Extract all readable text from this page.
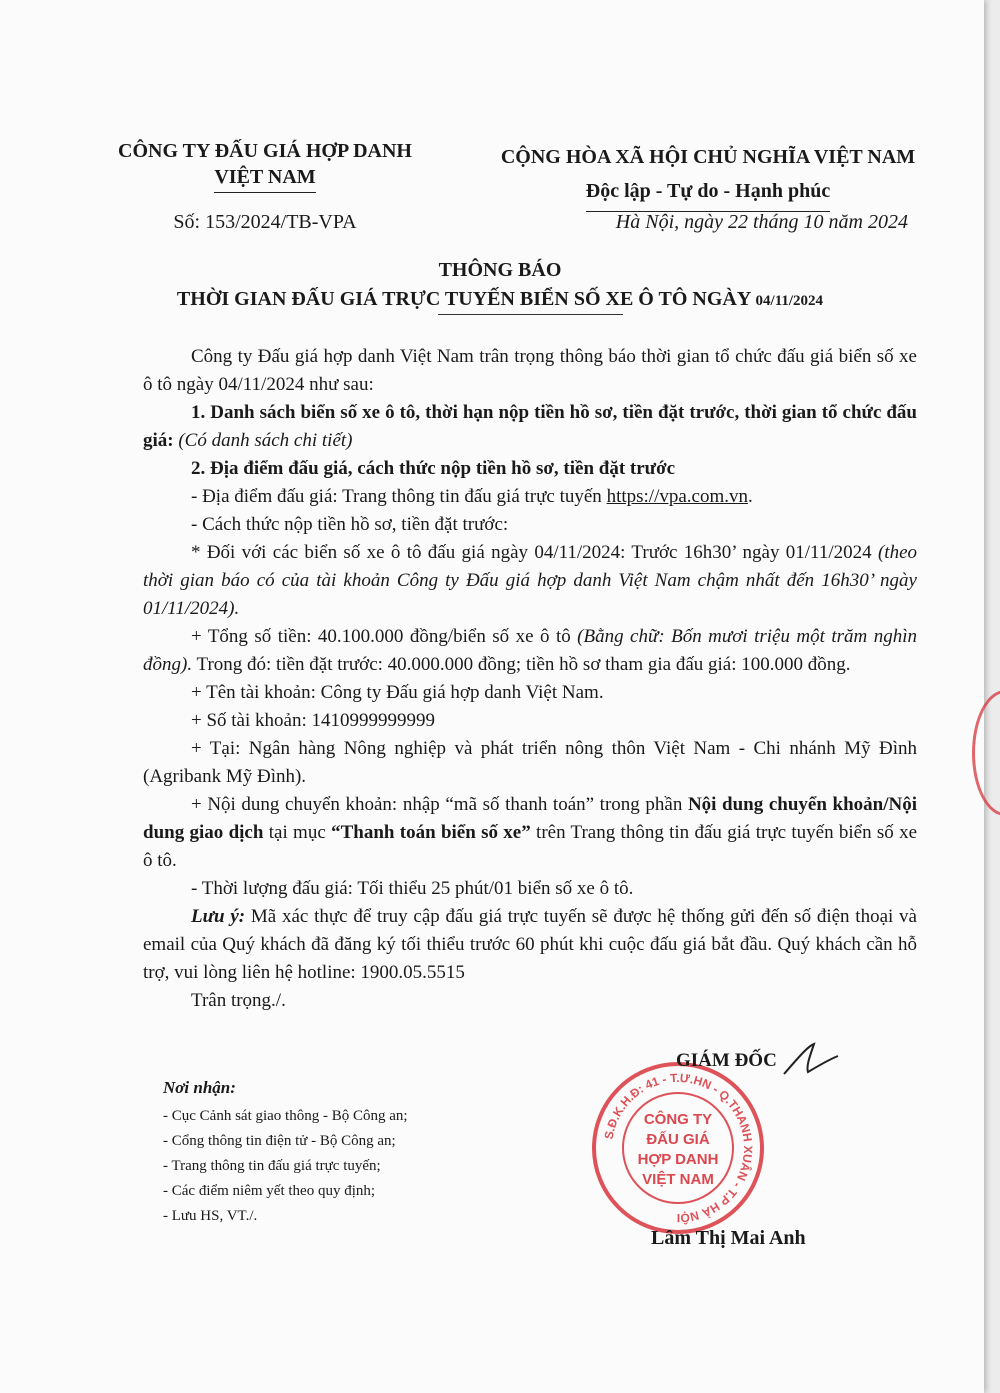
CÔNG TY ĐẤU GIÁ HỢP DANH
VIỆT NAM
Số: 153/2024/TB-VPA
CỘNG HÒA XÃ HỘI CHỦ NGHĨA VIỆT NAM
Độc lập - Tự do - Hạnh phúc
Hà Nội, ngày 22 tháng 10 năm 2024
THÔNG BÁO
THỜI GIAN ĐẤU GIÁ TRỰC TUYẾN BIỂN SỐ XE Ô TÔ NGÀY 04/11/2024

Công ty Đấu giá hợp danh Việt Nam trân trọng thông báo thời gian tổ chức đấu giá biển số xe ô tô ngày 04/11/2024 như sau:

1. Danh sách biển số xe ô tô, thời hạn nộp tiền hồ sơ, tiền đặt trước, thời gian tổ chức đấu giá: (Có danh sách chi tiết)

2. Địa điểm đấu giá, cách thức nộp tiền hồ sơ, tiền đặt trước

- Địa điểm đấu giá: Trang thông tin đấu giá trực tuyến https://vpa.com.vn.

- Cách thức nộp tiền hồ sơ, tiền đặt trước:

* Đối với các biển số xe ô tô đấu giá ngày 04/11/2024: Trước 16h30’ ngày 01/11/2024 (theo thời gian báo có của tài khoản Công ty Đấu giá hợp danh Việt Nam chậm nhất đến 16h30’ ngày 01/11/2024).

+ Tổng số tiền: 40.100.000 đồng/biển số xe ô tô (Bằng chữ: Bốn mươi triệu một trăm nghìn đồng). Trong đó: tiền đặt trước: 40.000.000 đồng; tiền hồ sơ tham gia đấu giá: 100.000 đồng.

+ Tên tài khoản: Công ty Đấu giá hợp danh Việt Nam.

+ Số tài khoản: 1410999999999

+ Tại: Ngân hàng Nông nghiệp và phát triển nông thôn Việt Nam - Chi nhánh Mỹ Đình (Agribank Mỹ Đình).

+ Nội dung chuyển khoản: nhập “mã số thanh toán” trong phần Nội dung chuyển khoản/Nội dung giao dịch tại mục “Thanh toán biển số xe” trên Trang thông tin đấu giá trực tuyến biển số xe ô tô.

- Thời lượng đấu giá: Tối thiểu 25 phút/01 biển số xe ô tô.

Lưu ý: Mã xác thực để truy cập đấu giá trực tuyến sẽ được hệ thống gửi đến số điện thoại và email của Quý khách đã đăng ký tối thiểu trước 60 phút khi cuộc đấu giá bắt đầu. Quý khách cần hỗ trợ, vui lòng liên hệ hotline: 1900.05.5515

Trân trọng./.

Nơi nhận:
- Cục Cảnh sát giao thông - Bộ Công an;
- Cổng thông tin điện tử - Bộ Công an;
- Trang thông tin đấu giá trực tuyến;
- Các điểm niêm yết theo quy định;
- Lưu HS, VT./.
S.Đ.K.H.Đ: 41 - T.Ư.HN - Q.THANH XUÂN - T.P HÀ NỘI
CÔNG TY
ĐẤU GIÁ
HỢP DANH
VIỆT NAM
GIÁM ĐỐC
Lâm Thị Mai Anh
